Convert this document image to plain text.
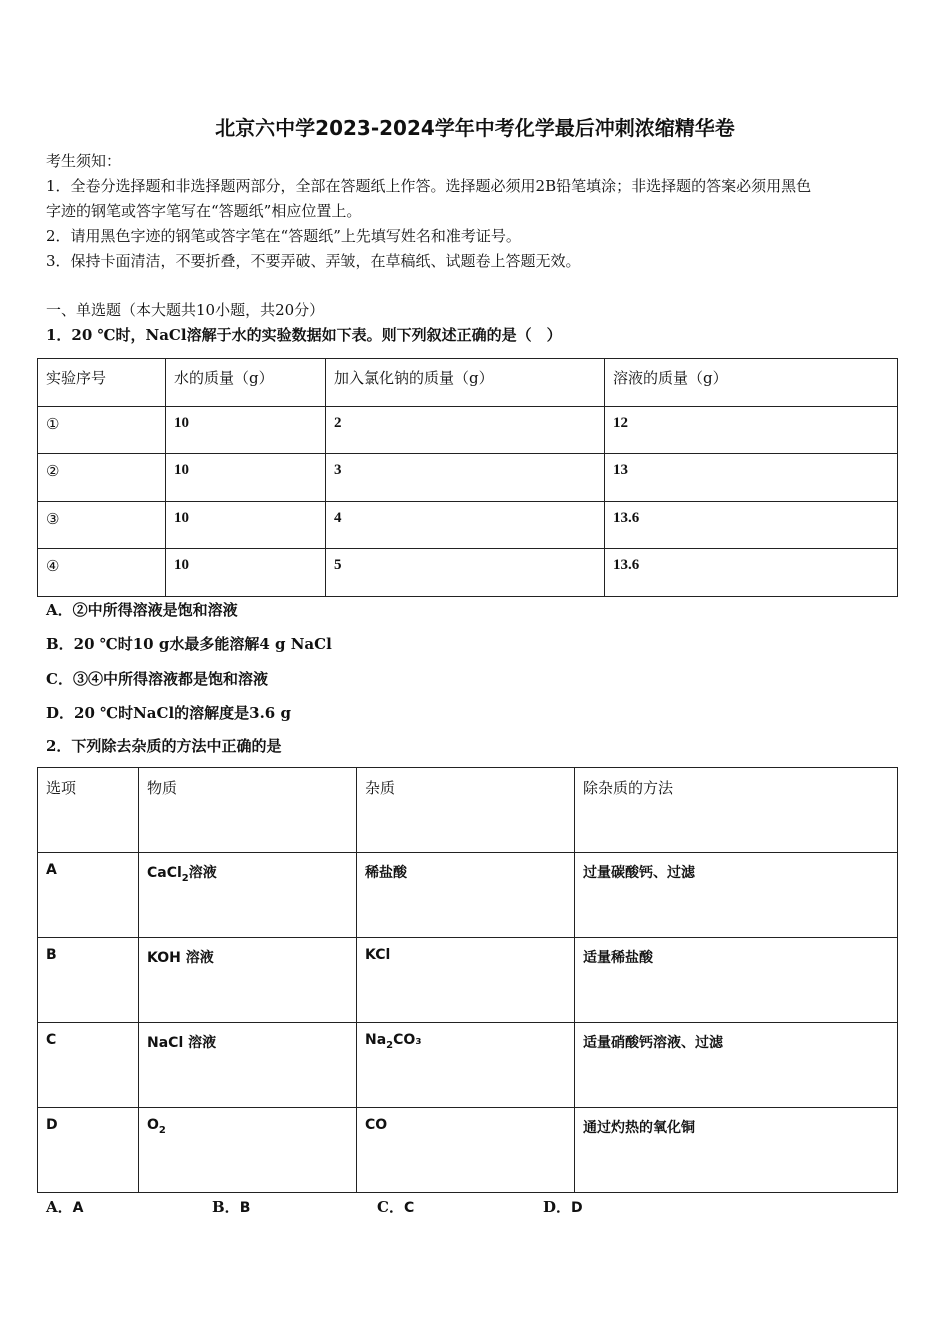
北京六中学2023-2024学年中考化学最后冲刺浓缩精华卷
考生须知：
1．全卷分选择题和非选择题两部分，全部在答题纸上作答。选择题必须用2B铅笔填涂；非选择题的答案必须用黑色
字迹的钢笔或答字笔写在“答题纸”相应位置上。
2．请用黑色字迹的钢笔或答字笔在“答题纸”上先填写姓名和准考证号。
3．保持卡面清洁，不要折叠，不要弄破、弄皱，在草稿纸、试题卷上答题无效。
一、单选题（本大题共10小题，共20分）
1．20 ℃时，NaCl溶解于水的实验数据如下表。则下列叙述正确的是（　）
实验序号	水的质量（g）	加入氯化钠的质量（g）	溶液的质量（g）
①	10	2	12
②	10	3	13
③	10	4	13.6
④	10	5	13.6
A．②中所得溶液是饱和溶液
B．20 ℃时10 g水最多能溶解4 g NaCl
C．③④中所得溶液都是饱和溶液
D．20 ℃时NaCl的溶解度是3.6 g
2．下列除去杂质的方法中正确的是
选项	物质	杂质	除杂质的方法
A	CaCl$_2$溶液	稀盐酸	过量碳酸钙、过滤
B	KOH 溶液	KCl	适量稀盐酸
C	NaCl 溶液	$Na_2CO_3$	适量硝酸钙溶液、过滤
D	$O_2$	CO	通过灼热的氧化铜
A．A	B．B	C．C	D．D
